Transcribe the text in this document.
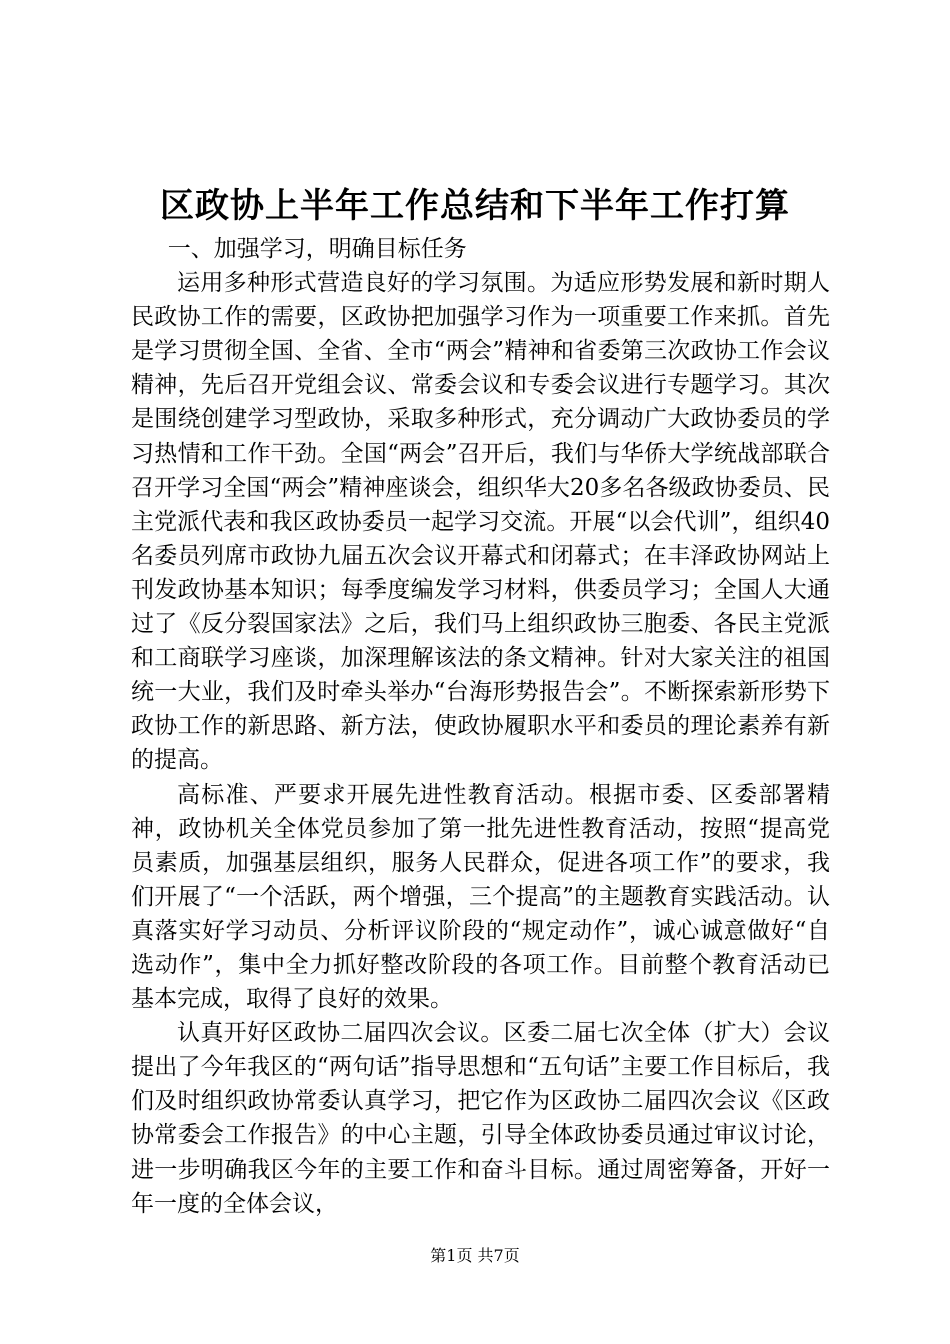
区政协上半年工作总结和下半年工作打算

一、加强学习，明确目标任务

运用多种形式营造良好的学习氛围。为适应形势发展和新时期人民政协工作的需要，区政协把加强学习作为一项重要工作来抓。首先是学习贯彻全国、全省、全市“两会”精神和省委第三次政协工作会议精神，先后召开党组会议、常委会议和专委会议进行专题学习。其次是围绕创建学习型政协，采取多种形式，充分调动广大政协委员的学习热情和工作干劲。全国“两会”召开后，我们与华侨大学统战部联合召开学习全国“两会”精神座谈会，组织华大20多名各级政协委员、民主党派代表和我区政协委员一起学习交流。开展“以会代训”，组织40名委员列席市政协九届五次会议开幕式和闭幕式；在丰泽政协网站上刊发政协基本知识；每季度编发学习材料，供委员学习；全国人大通过了《反分裂国家法》之后，我们马上组织政协三胞委、各民主党派和工商联学习座谈，加深理解该法的条文精神。针对大家关注的祖国统一大业，我们及时牵头举办“台海形势报告会”。不断探索新形势下政协工作的新思路、新方法，使政协履职水平和委员的理论素养有新的提高。

高标准、严要求开展先进性教育活动。根据市委、区委部署精神，政协机关全体党员参加了第一批先进性教育活动，按照“提高党员素质，加强基层组织，服务人民群众，促进各项工作”的要求，我们开展了“一个活跃，两个增强，三个提高”的主题教育实践活动。认真落实好学习动员、分析评议阶段的“规定动作”，诚心诚意做好“自选动作”，集中全力抓好整改阶段的各项工作。目前整个教育活动已基本完成，取得了良好的效果。

认真开好区政协二届四次会议。区委二届七次全体（扩大）会议提出了今年我区的“两句话”指导思想和“五句话”主要工作目标后，我们及时组织政协常委认真学习，把它作为区政协二届四次会议《区政协常委会工作报告》的中心主题，引导全体政协委员通过审议讨论，进一步明确我区今年的主要工作和奋斗目标。通过周密筹备，开好一年一度的全体会议，

第1页 共7页
